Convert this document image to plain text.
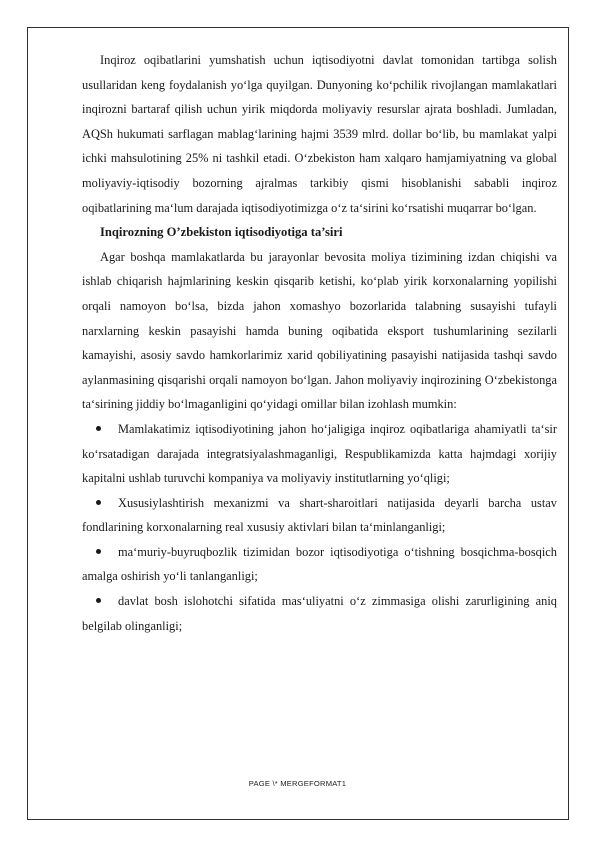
Inqiroz oqibatlarini yumshatish uchun iqtisodiyotni davlat tomonidan tartibga solish usullaridan keng foydalanish yo‘lga quyilgan. Dunyoning ko‘pchilik rivojlangan mamlakatlari inqirozni bartaraf qilish uchun yirik miqdorda moliyaviy resurslar ajrata boshladi. Jumladan, AQSh hukumati sarflagan mablag‘larining hajmi 3539 mlrd. dollar bo‘lib, bu mamlakat yalpi ichki mahsulotining 25% ni tashkil etadi. O‘zbekiston ham xalqaro hamjamiyatning va global moliyaviy-iqtisodiy bozorning ajralmas tarkibiy qismi hisoblanishi sababli inqiroz oqibatlarining ma‘lum darajada iqtisodiyotimizga o‘z ta‘sirini ko‘rsatishi muqarrar bo‘lgan.

Inqirozning O’zbekiston iqtisodiyotiga ta’siri

Agar boshqa mamlakatlarda bu jarayonlar bevosita moliya tizimining izdan chiqishi va ishlab chiqarish hajmlarining keskin qisqarib ketishi, ko‘plab yirik korxonalarning yopilishi orqali namoyon bo‘lsa, bizda jahon xomashyo bozorlarida talabning susayishi tufayli narxlarning keskin pasayishi hamda buning oqibatida eksport tushumlarining sezilarli kamayishi, asosiy savdo hamkorlarimiz xarid qobiliyatining pasayishi natijasida tashqi savdo aylanmasining qisqarishi orqali namoyon bo‘lgan. Jahon moliyaviy inqirozining O‘zbekistonga ta‘sirining jiddiy bo‘lmaganligini qo‘yidagi omillar bilan izohlash mumkin:

Mamlakatimiz iqtisodiyotining jahon ho‘jaligiga inqiroz oqibatlariga ahamiyatli ta‘sir ko‘rsatadigan darajada integratsiyalashmaganligi, Respublikamizda katta hajmdagi xorijiy kapitalni ushlab turuvchi kompaniya va moliyaviy institutlarning yo‘qligi;

Xususiylashtirish mexanizmi va shart-sharoitlari natijasida deyarli barcha ustav fondlarining korxonalarning real xususiy aktivlari bilan ta‘minlanganligi;

ma‘muriy-buyruqbozlik tizimidan bozor iqtisodiyotiga o‘tishning bosqichma-bosqich amalga oshirish yo‘li tanlanganligi;

davlat bosh islohotchi sifatida mas‘uliyatni o‘z zimmasiga olishi zarurligining aniq belgilab olinganligi;

PAGE \* MERGEFORMAT1
